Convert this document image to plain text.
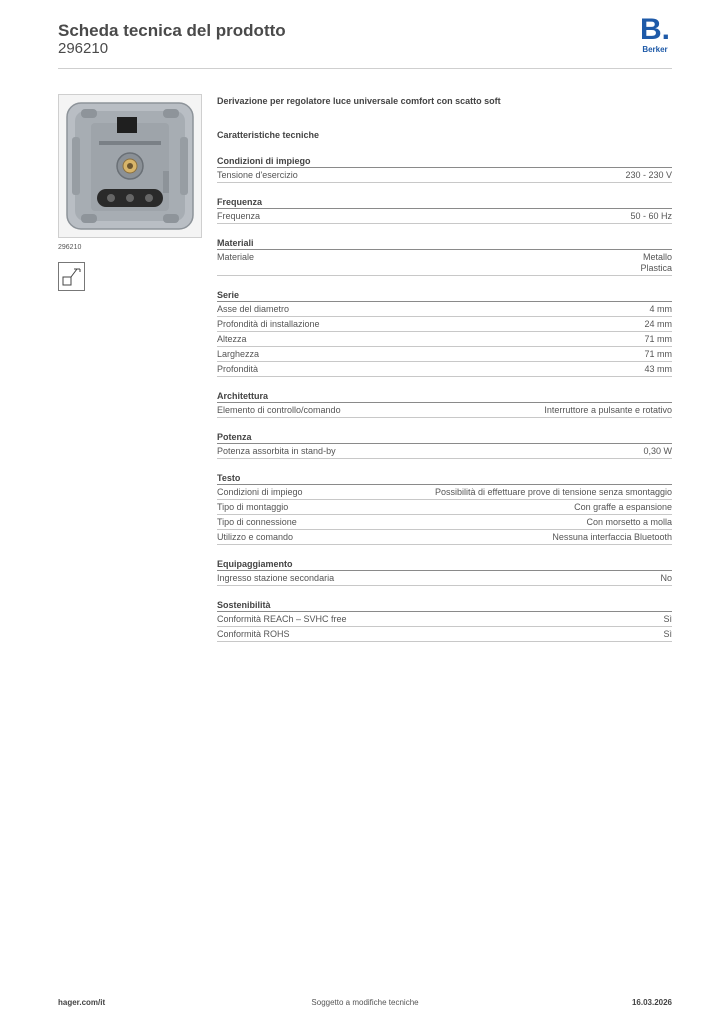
Scheda tecnica del prodotto
296210
B.
Berker
296210
Derivazione per regolatore luce universale comfort con scatto soft
Caratteristiche tecniche
Condizioni di impiego
Tensione d'esercizio	230 - 230 V
Frequenza
Frequenza	50 - 60 Hz
Materiali
Materiale	Metallo
Plastica
Serie
Asse del diametro	4 mm
Profondità di installazione	24 mm
Altezza	71 mm
Larghezza	71 mm
Profondità	43 mm
Architettura
Elemento di controllo/comando	Interruttore a pulsante e rotativo
Potenza
Potenza assorbita in stand-by	0,30 W
Testo
Condizioni di impiego	Possibilità di effettuare prove di tensione senza smontaggio
Tipo di montaggio	Con graffe a espansione
Tipo di connessione	Con morsetto a molla
Utilizzo e comando	Nessuna interfaccia Bluetooth
Equipaggiamento
Ingresso stazione secondaria	No
Sostenibilità
Conformità REACh – SVHC free	Sì
Conformità ROHS	Sì
hager.com/it	Soggetto a modifiche tecniche	16.03.2026
